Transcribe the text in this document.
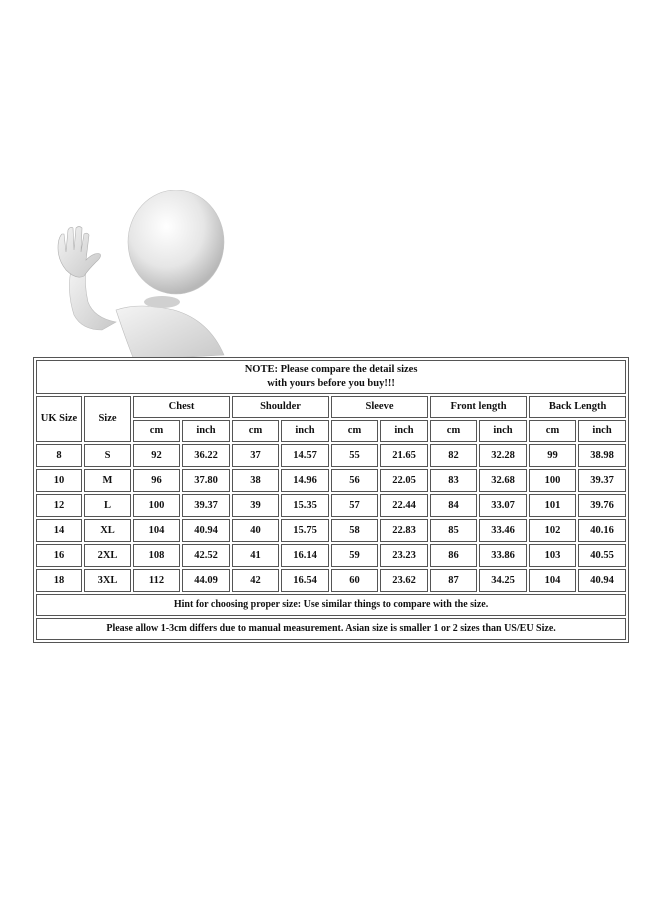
NOTE: Please compare the detail sizes
with yours before you buy!!!											

UK Size	Size	Chest		Shoulder		Sleeve		Front length		Back Length	
		cm	inch	cm	inch	cm	inch	cm	inch	cm	inch
8	S	92	36.22	37	14.57	55	21.65	82	32.28	99	38.98
10	M	96	37.80	38	14.96	56	22.05	83	32.68	100	39.37
12	L	100	39.37	39	15.35	57	22.44	84	33.07	101	39.76
14	XL	104	40.94	40	15.75	58	22.83	85	33.46	102	40.16
16	2XL	108	42.52	41	16.14	59	23.23	86	33.86	103	40.55
18	3XL	112	44.09	42	16.54	60	23.62	87	34.25	104	40.94
Hint for choosing proper size: Use similar things to compare with the size.											
Please allow 1-3cm differs due to manual measurement. Asian size is smaller 1 or 2 sizes than US/EU Size.											
